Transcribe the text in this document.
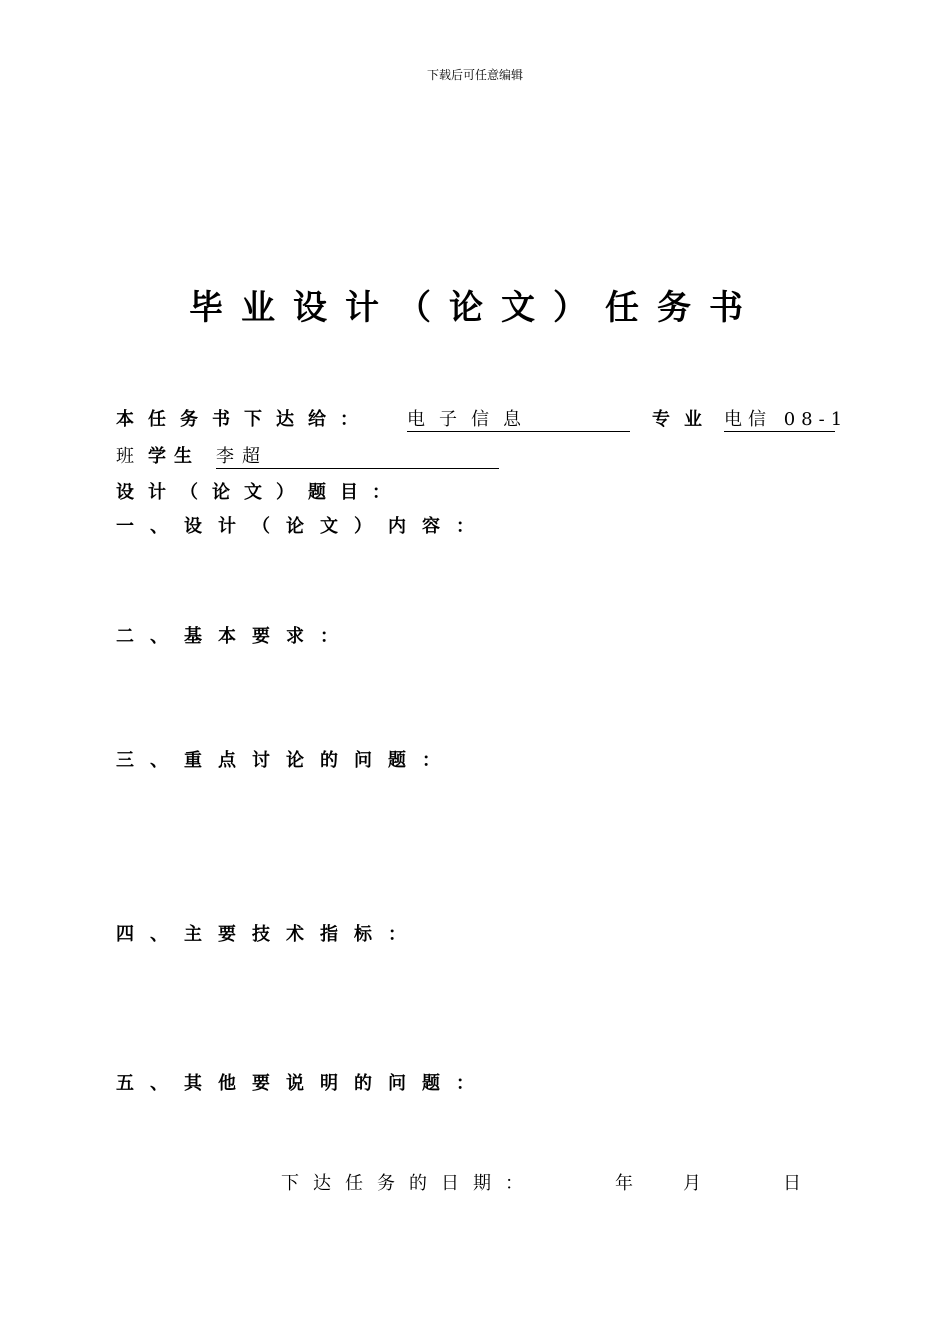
下载后可任意编辑
毕业设计（论文）任务书
本任务书下达给： 电子信息	专业 电信 08-1
班 学生 李超
设计（论文）题目：
一、设计（论文）内容：
二、基本要求：
三、重点讨论的问题：
四、主要技术指标：
五、其他要说明的问题：
下达任务的日期：	年	月	日
